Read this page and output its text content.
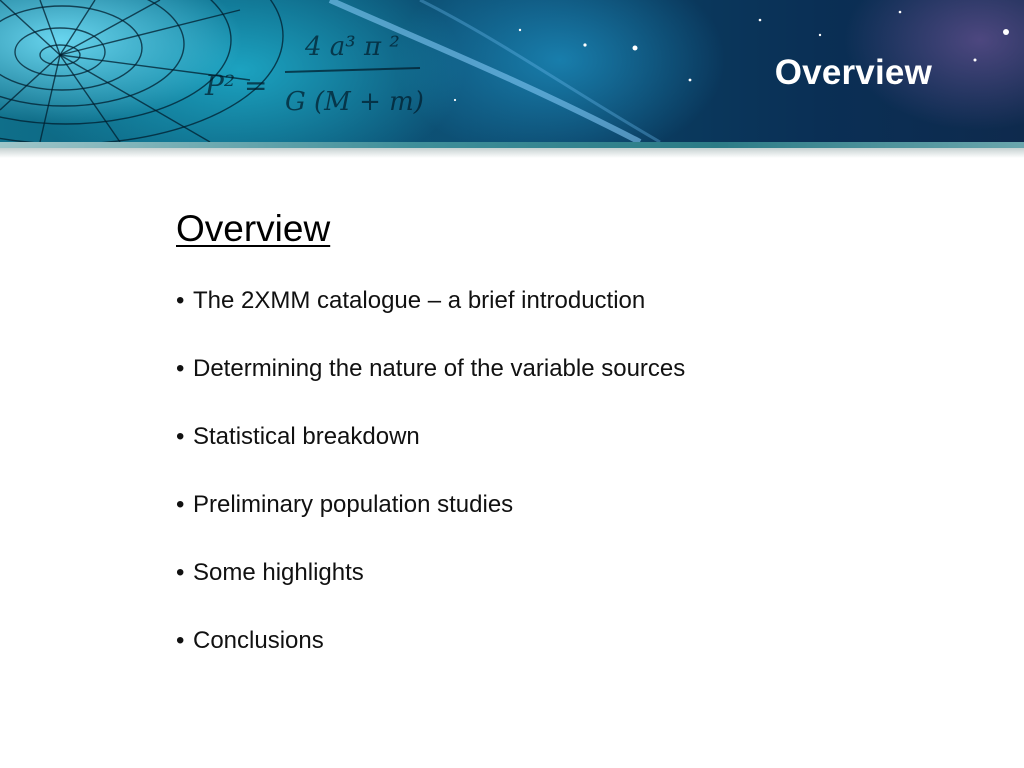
P² =
4 a³ π ²
G (M + m)
Overview
Overview
• The 2XMM catalogue – a brief introduction
• Determining the nature of the variable sources
• Statistical breakdown
• Preliminary population studies
• Some highlights
• Conclusions
